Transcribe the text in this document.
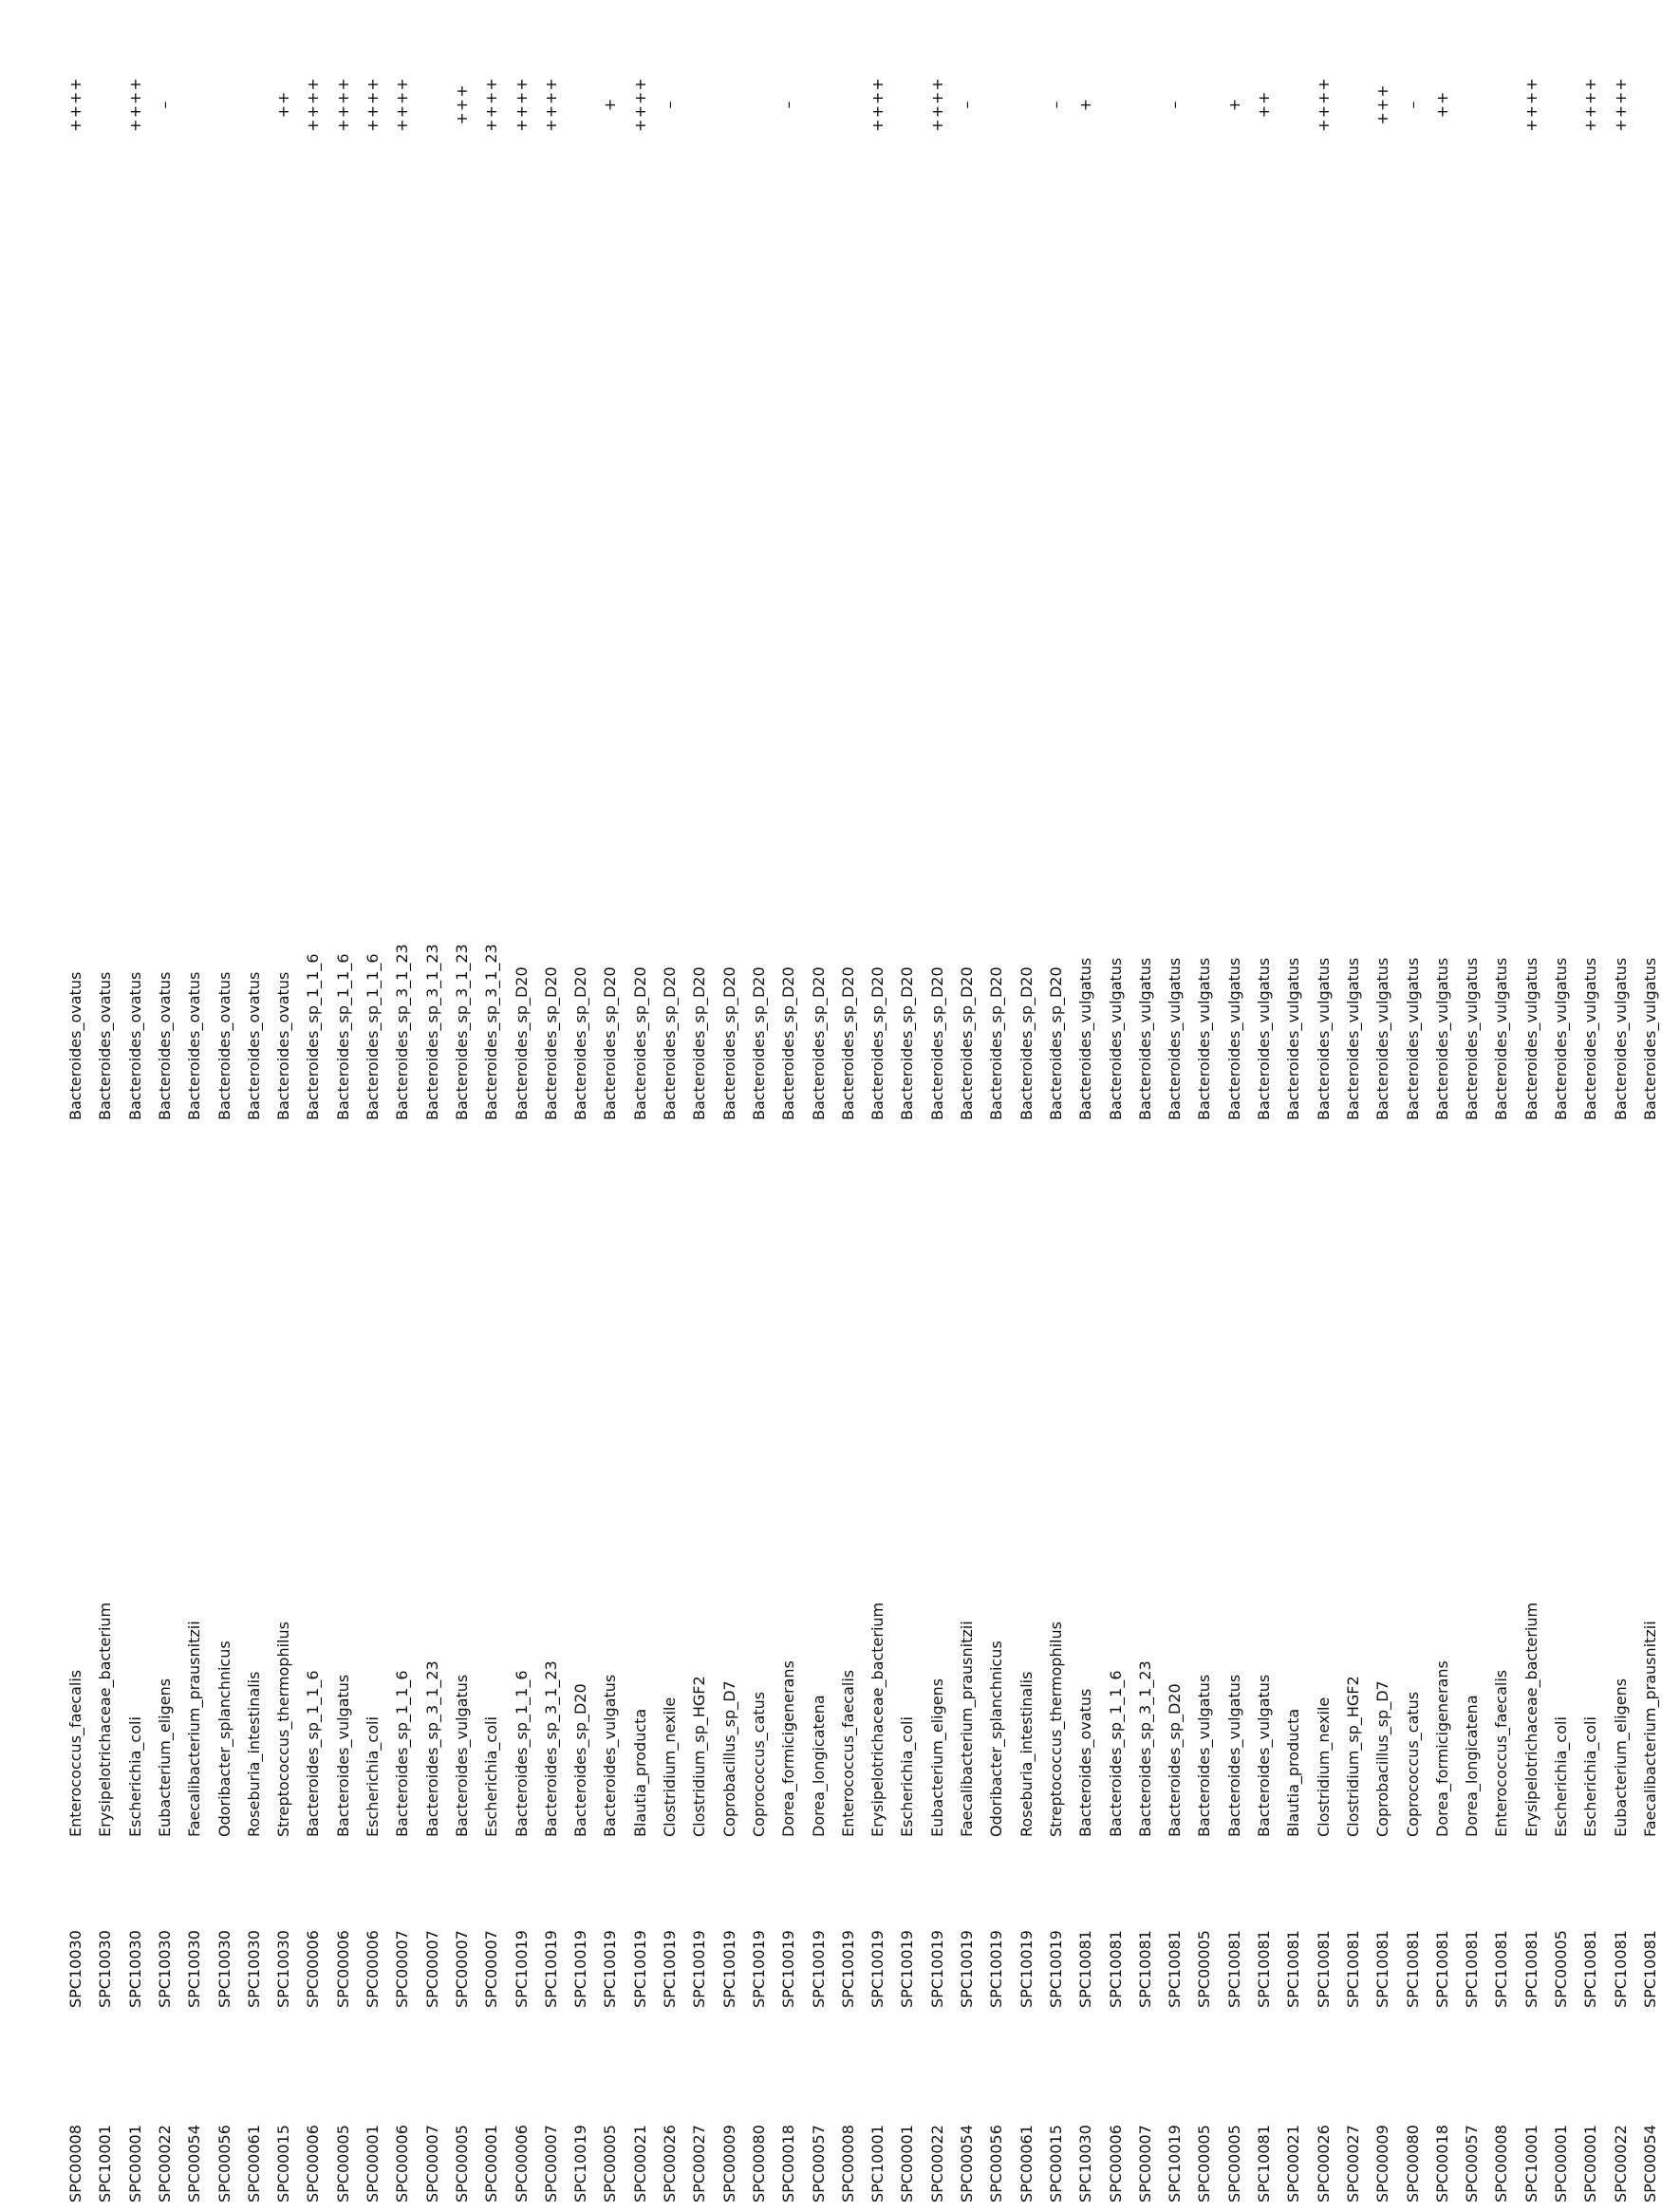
SPC00008
SPC10030
Enterococcus_faecalis
Bacteroides_ovatus
++++
SPC10001
SPC10030
Erysipelotrichaceae_bacterium
Bacteroides_ovatus
SPC00001
SPC10030
Escherichia_coli
Bacteroides_ovatus
++++
SPC00022
SPC10030
Eubacterium_eligens
Bacteroides_ovatus
–
SPC00054
SPC10030
Faecalibacterium_prausnitzii
Bacteroides_ovatus
SPC00056
SPC10030
Odoribacter_splanchnicus
Bacteroides_ovatus
SPC00061
SPC10030
Roseburia_intestinalis
Bacteroides_ovatus
SPC00015
SPC10030
Streptococcus_thermophilus
Bacteroides_ovatus
++
SPC00006
SPC00006
Bacteroides_sp_1_1_6
Bacteroides_sp_1_1_6
++++
SPC00005
SPC00006
Bacteroides_vulgatus
Bacteroides_sp_1_1_6
++++
SPC00001
SPC00006
Escherichia_coli
Bacteroides_sp_1_1_6
++++
SPC00006
SPC00007
Bacteroides_sp_1_1_6
Bacteroides_sp_3_1_23
++++
SPC00007
SPC00007
Bacteroides_sp_3_1_23
Bacteroides_sp_3_1_23
SPC00005
SPC00007
Bacteroides_vulgatus
Bacteroides_sp_3_1_23
+++
SPC00001
SPC00007
Escherichia_coli
Bacteroides_sp_3_1_23
++++
SPC00006
SPC10019
Bacteroides_sp_1_1_6
Bacteroides_sp_D20
++++
SPC00007
SPC10019
Bacteroides_sp_3_1_23
Bacteroides_sp_D20
++++
SPC10019
SPC10019
Bacteroides_sp_D20
Bacteroides_sp_D20
SPC00005
SPC10019
Bacteroides_vulgatus
Bacteroides_sp_D20
+
SPC00021
SPC10019
Blautia_producta
Bacteroides_sp_D20
++++
SPC00026
SPC10019
Clostridium_nexile
Bacteroides_sp_D20
–
SPC00027
SPC10019
Clostridium_sp_HGF2
Bacteroides_sp_D20
SPC00009
SPC10019
Coprobacillus_sp_D7
Bacteroides_sp_D20
SPC00080
SPC10019
Coprococcus_catus
Bacteroides_sp_D20
SPC00018
SPC10019
Dorea_formicigenerans
Bacteroides_sp_D20
–
SPC00057
SPC10019
Dorea_longicatena
Bacteroides_sp_D20
SPC00008
SPC10019
Enterococcus_faecalis
Bacteroides_sp_D20
SPC10001
SPC10019
Erysipelotrichaceae_bacterium
Bacteroides_sp_D20
++++
SPC00001
SPC10019
Escherichia_coli
Bacteroides_sp_D20
SPC00022
SPC10019
Eubacterium_eligens
Bacteroides_sp_D20
++++
SPC00054
SPC10019
Faecalibacterium_prausnitzii
Bacteroides_sp_D20
–
SPC00056
SPC10019
Odoribacter_splanchnicus
Bacteroides_sp_D20
SPC00061
SPC10019
Roseburia_intestinalis
Bacteroides_sp_D20
SPC00015
SPC10019
Streptococcus_thermophilus
Bacteroides_sp_D20
–
SPC10030
SPC10081
Bacteroides_ovatus
Bacteroides_vulgatus
+
SPC00006
SPC10081
Bacteroides_sp_1_1_6
Bacteroides_vulgatus
SPC00007
SPC10081
Bacteroides_sp_3_1_23
Bacteroides_vulgatus
SPC10019
SPC10081
Bacteroides_sp_D20
Bacteroides_vulgatus
–
SPC00005
SPC00005
Bacteroides_vulgatus
Bacteroides_vulgatus
SPC00005
SPC10081
Bacteroides_vulgatus
Bacteroides_vulgatus
+
SPC10081
SPC10081
Bacteroides_vulgatus
Bacteroides_vulgatus
++
SPC00021
SPC10081
Blautia_producta
Bacteroides_vulgatus
SPC00026
SPC10081
Clostridium_nexile
Bacteroides_vulgatus
++++
SPC00027
SPC10081
Clostridium_sp_HGF2
Bacteroides_vulgatus
SPC00009
SPC10081
Coprobacillus_sp_D7
Bacteroides_vulgatus
+++
SPC00080
SPC10081
Coprococcus_catus
Bacteroides_vulgatus
–
SPC00018
SPC10081
Dorea_formicigenerans
Bacteroides_vulgatus
++
SPC00057
SPC10081
Dorea_longicatena
Bacteroides_vulgatus
SPC00008
SPC10081
Enterococcus_faecalis
Bacteroides_vulgatus
SPC10001
SPC10081
Erysipelotrichaceae_bacterium
Bacteroides_vulgatus
++++
SPC00001
SPC00005
Escherichia_coli
Bacteroides_vulgatus
SPC00001
SPC10081
Escherichia_coli
Bacteroides_vulgatus
++++
SPC00022
SPC10081
Eubacterium_eligens
Bacteroides_vulgatus
++++
SPC00054
SPC10081
Faecalibacterium_prausnitzii
Bacteroides_vulgatus
